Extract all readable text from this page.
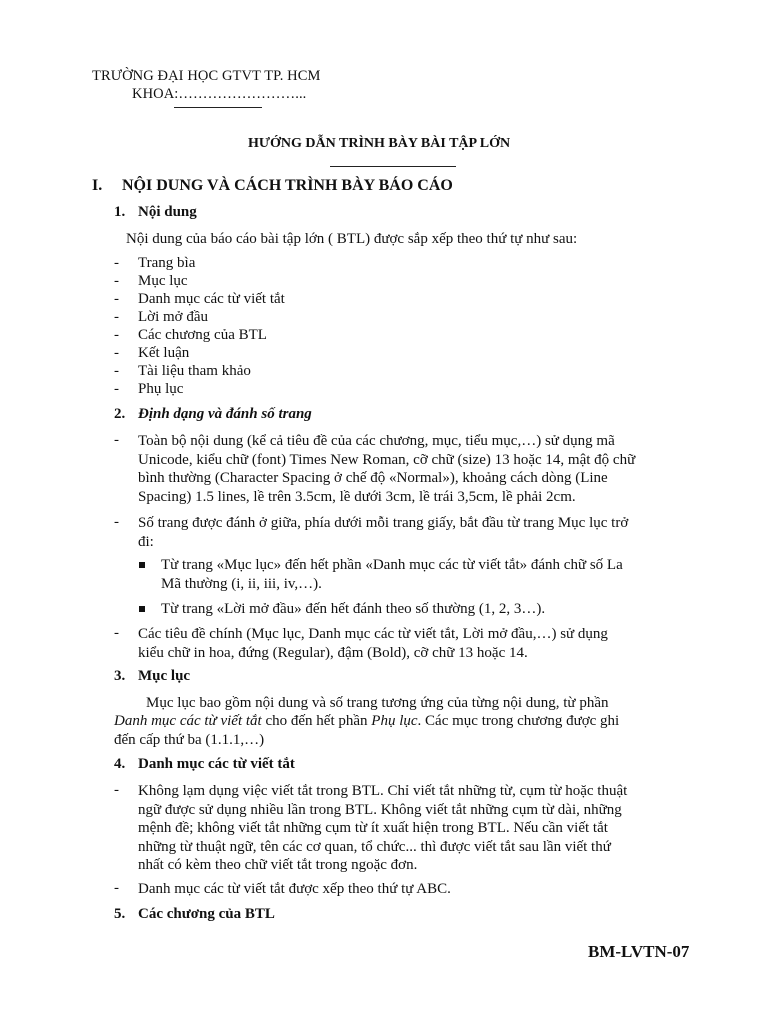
TRƯỜNG ĐẠI HỌC GTVT TP. HCM
KHOA:……………………...
HƯỚNG DẪN TRÌNH BÀY BÀI TẬP LỚN
I. NỘI DUNG VÀ CÁCH TRÌNH BÀY BÁO CÁO
1. Nội dung
Nội dung của báo cáo bài tập lớn ( BTL) được sắp xếp theo thứ tự như sau:
- Trang bìa
- Mục lục
- Danh mục các từ viết tắt
- Lời mở đầu
- Các chương của BTL
- Kết luận
- Tài liệu tham khảo
- Phụ lục
2. Định dạng và đánh số trang
- Toàn bộ nội dung (kể cả tiêu đề của các chương, mục, tiểu mục,…) sử dụng mã
Unicode, kiểu chữ (font) Times New Roman, cỡ chữ (size) 13 hoặc 14, mật độ chữ
bình thường (Character Spacing ở chế độ «Normal»), khoảng cách dòng (Line
Spacing) 1.5 lines, lề trên 3.5cm, lề dưới 3cm, lề trái 3,5cm, lề phải 2cm.
- Số trang được đánh ở giữa, phía dưới mỗi trang giấy, bắt đầu từ trang Mục lục trở
đi:
Từ trang «Mục lục» đến hết phần «Danh mục các từ viết tắt» đánh chữ số La
Mã thường (i, ii, iii, iv,…).
Từ trang «Lời mở đầu» đến hết đánh theo số thường (1, 2, 3…).
- Các tiêu đề chính (Mục lục, Danh mục các từ viết tắt, Lời mở đầu,…) sử dụng
kiểu chữ in hoa, đứng (Regular), đậm (Bold), cỡ chữ 13 hoặc 14.
3. Mục lục
Mục lục bao gồm nội dung và số trang tương ứng của từng nội dung, từ phần
Danh mục các từ viết tắt cho đến hết phần Phụ lục. Các mục trong chương được ghi
đến cấp thứ ba (1.1.1,…)
4. Danh mục các từ viết tắt
- Không lạm dụng việc viết tắt trong BTL. Chỉ viết tắt những từ, cụm từ hoặc thuật
ngữ được sử dụng nhiều lần trong BTL. Không viết tắt những cụm từ dài, những
mệnh đề; không viết tắt những cụm từ ít xuất hiện trong BTL. Nếu cần viết tắt
những từ thuật ngữ, tên các cơ quan, tổ chức... thì được viết tắt sau lần viết thứ
nhất có kèm theo chữ viết tắt trong ngoặc đơn.
- Danh mục các từ viết tắt được xếp theo thứ tự ABC.
5. Các chương của BTL
BM-LVTN-07
